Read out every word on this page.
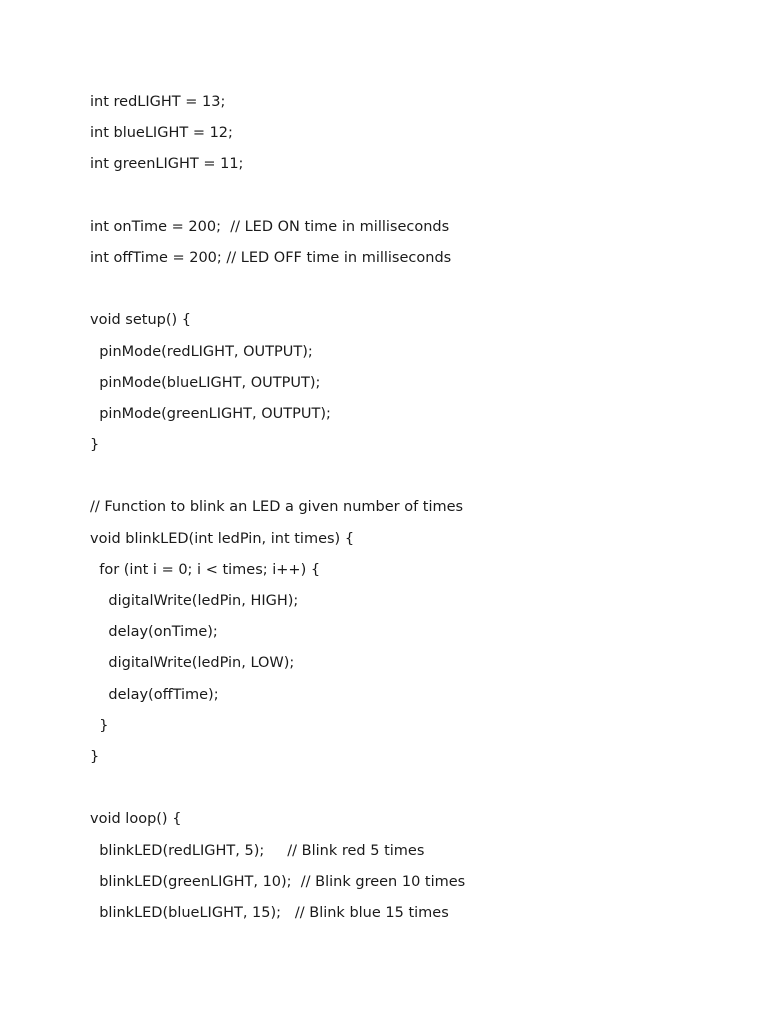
int redLIGHT = 13;
int blueLIGHT = 12;
int greenLIGHT = 11;
int onTime = 200;  // LED ON time in milliseconds
int offTime = 200; // LED OFF time in milliseconds
void setup() {
pinMode(redLIGHT, OUTPUT);
pinMode(blueLIGHT, OUTPUT);
pinMode(greenLIGHT, OUTPUT);
}
// Function to blink an LED a given number of times
void blinkLED(int ledPin, int times) {
for (int i = 0; i < times; i++) {
digitalWrite(ledPin, HIGH);
delay(onTime);
digitalWrite(ledPin, LOW);
delay(offTime);
}
}
void loop() {
blinkLED(redLIGHT, 5);     // Blink red 5 times
blinkLED(greenLIGHT, 10);  // Blink green 10 times
blinkLED(blueLIGHT, 15);   // Blink blue 15 times
